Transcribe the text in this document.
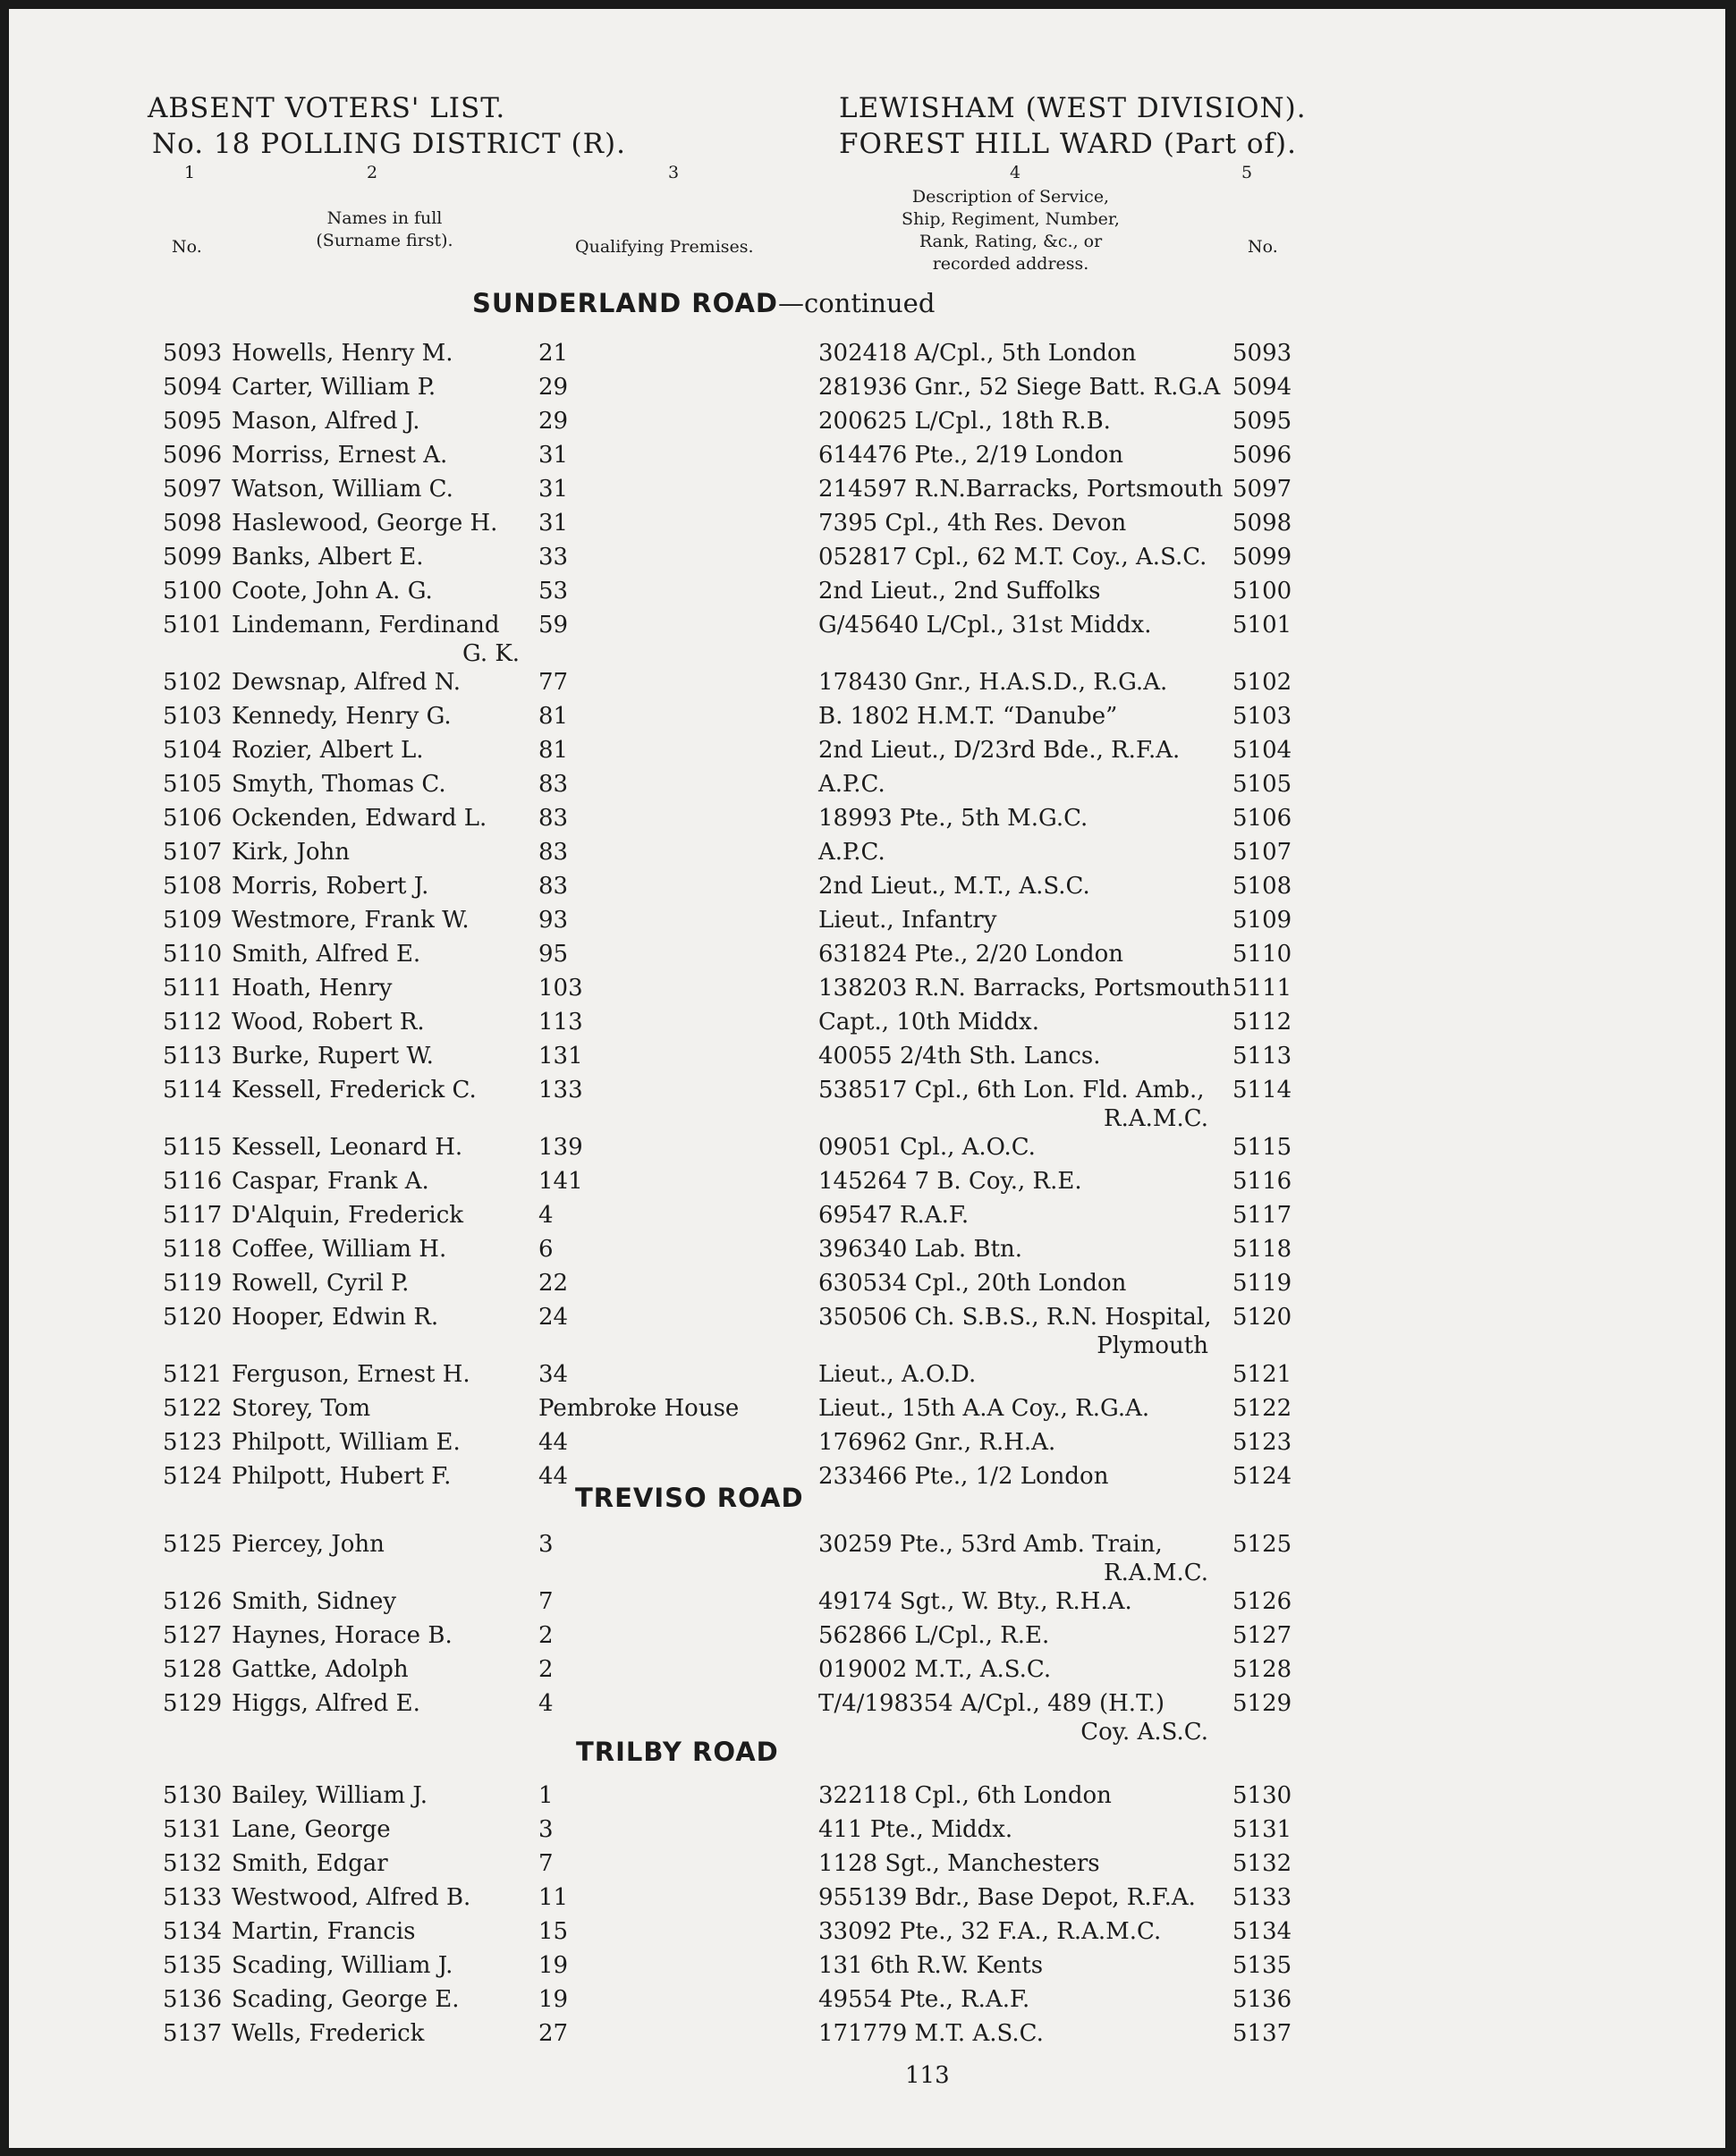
ABSENT VOTERS' LIST.
No. 18 POLLING DISTRICT (R).
LEWISHAM (WEST DIVISION).
FOREST HILL WARD (Part of).
1	2	3	4	5
No.
Names in full
(Surname first).	Qualifying Premises.
Description of Service,
Ship, Regiment, Number,
Rank, Rating, &c., or
recorded address.
No.
SUNDERLAND ROAD—continued
5093 Howells, Henry M.	21	302418 A/Cpl., 5th London	5093
5094 Carter, William P.	29	281936 Gnr., 52 Siege Batt. R.G.A 5094
5095 Mason, Alfred J.	29	200625 L/Cpl., 18th R.B.	5095
5096 Morriss, Ernest A.	31	614476 Pte., 2/19 London	5096
5097 Watson, William C.	31	214597 R.N.Barracks, Portsmouth 5097
5098 Haslewood, George H. 31	7395 Cpl., 4th Res. Devon	5098
5099 Banks, Albert E.	33	052817 Cpl., 62 M.T. Coy., A.S.C. 5099
5100 Coote, John A. G.	53	2nd Lieut., 2nd Suffolks	5100
5101 Lindemann, Ferdinand 59	G/45640 L/Cpl., 31st Middx.	5101
G. K.
5102 Dewsnap, Alfred N.	77	178430 Gnr., H.A.S.D., R.G.A.	5102
5103 Kennedy, Henry G.	81	B. 1802 H.M.T. “Danube”	5103
5104 Rozier, Albert L.	81	2nd Lieut., D/23rd Bde., R.F.A. 5104
5105 Smyth, Thomas C.	83	A.P.C.	5105
5106 Ockenden, Edward L. 83	18993 Pte., 5th M.G.C.	5106
5107 Kirk, John	83	A.P.C.	5107
5108 Morris, Robert J.	83	2nd Lieut., M.T., A.S.C.	5108
5109 Westmore, Frank W.	93	Lieut., Infantry	5109
5110 Smith, Alfred E.	95	631824 Pte., 2/20 London	5110
5111 Hoath, Henry	103	138203 R.N. Barracks, Portsmouth 5111
5112 Wood, Robert R.	113	Capt., 10th Middx.	5112
5113 Burke, Rupert W.	131	40055 2/4th Sth. Lancs.	5113
5114 Kessell, Frederick C.	133	538517 Cpl., 6th Lon. Fld. Amb., 5114
R.A.M.C.
5115 Kessell, Leonard H.	139	09051 Cpl., A.O.C.	5115
5116 Caspar, Frank A.	141	145264 7 B. Coy., R.E.	5116
5117 D'Alquin, Frederick	4	69547 R.A.F.	5117
5118 Coffee, William H.	6	396340 Lab. Btn.	5118
5119 Rowell, Cyril P.	22	630534 Cpl., 20th London	5119
5120 Hooper, Edwin R.	24	350506 Ch. S.B.S., R.N. Hospital, 5120
Plymouth
5121 Ferguson, Ernest H.	34	Lieut., A.O.D.	5121
5122 Storey, Tom	Pembroke House	Lieut., 15th A.A Coy., R.G.A.	5122
5123 Philpott, William E.	44	176962 Gnr., R.H.A.	5123
5124 Philpott, Hubert F.	44	233466 Pte., 1/2 London	5124
TREVISO ROAD
5125 Piercey, John	3	30259 Pte., 53rd Amb. Train,	5125
R.A.M.C.
5126 Smith, Sidney	7	49174 Sgt., W. Bty., R.H.A.	5126
5127 Haynes, Horace B.	2	562866 L/Cpl., R.E.	5127
5128 Gattke, Adolph	2	019002 M.T., A.S.C.	5128
5129 Higgs, Alfred E.	4	T/4/198354 A/Cpl., 489 (H.T.)	5129
Coy. A.S.C.
TRILBY ROAD
5130 Bailey, William J.	1	322118 Cpl., 6th London	5130
5131 Lane, George	3	411 Pte., Middx.	5131
5132 Smith, Edgar	7	1128 Sgt., Manchesters	5132
5133 Westwood, Alfred B.	11	955139 Bdr., Base Depot, R.F.A. 5133
5134 Martin, Francis	15	33092 Pte., 32 F.A., R.A.M.C.	5134
5135 Scading, William J.	19	131 6th R.W. Kents	5135
5136 Scading, George E.	19	49554 Pte., R.A.F.	5136
5137 Wells, Frederick	27	171779 M.T. A.S.C.	5137
113
